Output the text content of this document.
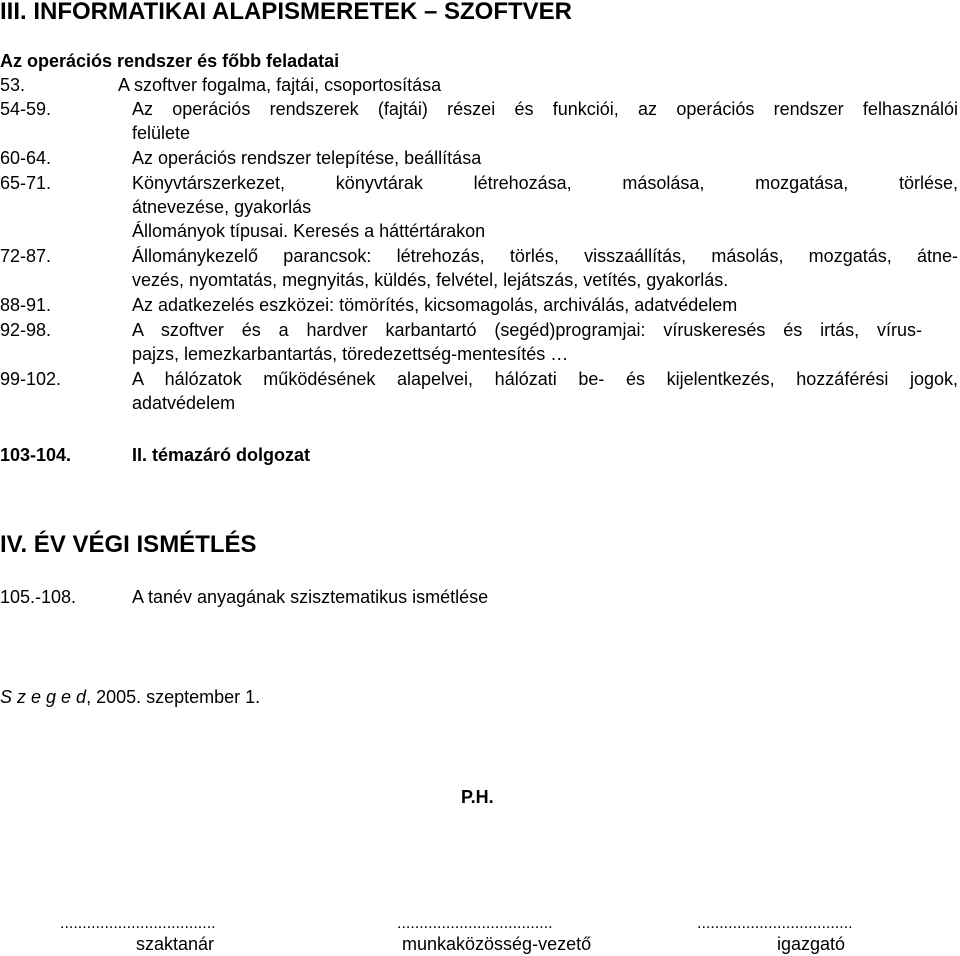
III. INFORMATIKAI ALAPISMERETEK – SZOFTVER
Az operációs rendszer és főbb feladatai
53.	A szoftver fogalma, fajtái, csoportosítása
54-59.	Az operációs rendszerek (fajtái) részei és funkciói, az operációs rendszer felhasználói
felülete
60-64.	Az operációs rendszer telepítése, beállítása
65-71.	Könyvtárszerkezet, könyvtárak létrehozása, másolása, mozgatása, törlése,
átnevezése, gyakorlás
Állományok típusai. Keresés a háttértárakon
72-87.	Állománykezelő parancsok: létrehozás, törlés, visszaállítás, másolás, mozgatás, átne-
vezés, nyomtatás, megnyitás, küldés, felvétel, lejátszás, vetítés, gyakorlás.
88-91.	Az adatkezelés eszközei: tömörítés, kicsomagolás, archiválás, adatvédelem
92-98.	A szoftver és a hardver karbantartó (segéd)programjai: víruskeresés és irtás, vírus-
pajzs, lemezkarbantartás, töredezettség-mentesítés …
99-102.	A hálózatok működésének alapelvei, hálózati be- és kijelentkezés, hozzáférési jogok,
adatvédelem
103-104.	II. témazáró dolgozat
IV. ÉV VÉGI ISMÉTLÉS
105.-108.	A tanév anyagának szisztematikus ismétlése
S z e g e d, 2005. szeptember 1.
P.H.
...................................	...................................	...................................
szaktanár	munkaközösség-vezető	igazgató
